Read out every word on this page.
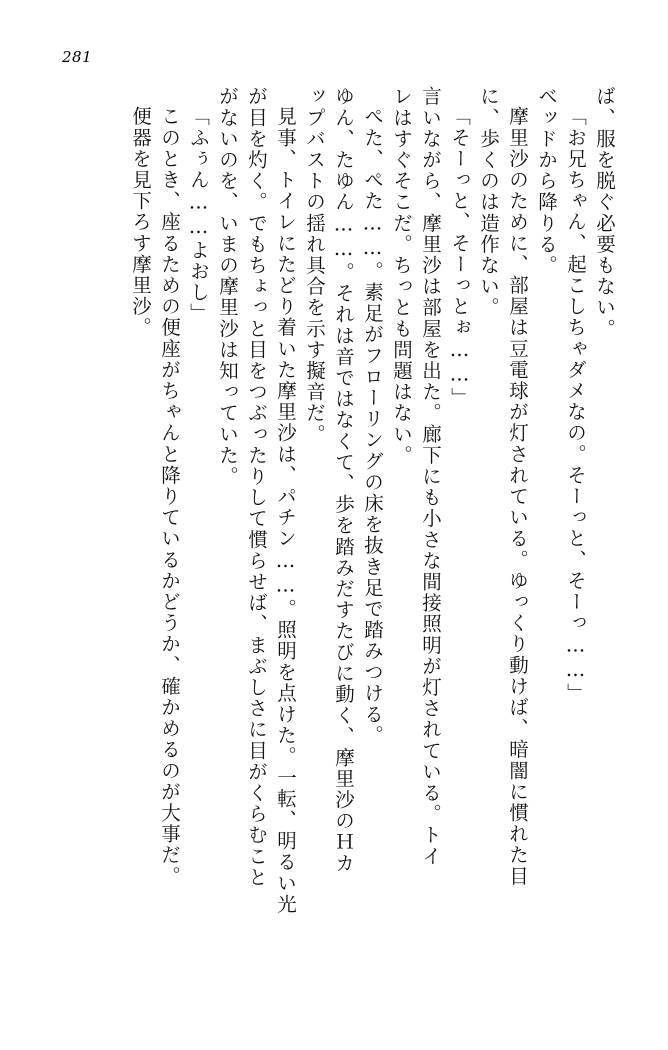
281
ば、服を脱ぐ必要もない。
「お兄ちゃん、起こしちゃダメなの。そーっと、そーっ……」
ベッドから降りる。
摩里沙のために、部屋は豆電球が灯されている。ゆっくり動けば、暗闇に慣れた目
に、歩くのは造作ない。
「そーっと、そーっとぉ……」
言いながら、摩里沙は部屋を出た。廊下にも小さな間接照明が灯されている。トイ
レはすぐそこだ。ちっとも問題はない。
ぺた、ぺた……。素足がフローリングの床を抜き足で踏みつける。
ゆん、たゆん……。それは音ではなくて、歩を踏みだすたびに動く、摩里沙のＨカ
ップバストの揺れ具合を示す擬音だ。
見事、トイレにたどり着いた摩里沙は、パチン……。照明を点けた。一転、明るい光
が目を灼く。でもちょっと目をつぶったりして慣らせば、まぶしさに目がくらむこと
がないのを、いまの摩里沙は知っていた。
「ふぅん……よおし」
このとき、座るための便座がちゃんと降りているかどうか、確かめるのが大事だ。
便器を見下ろす摩里沙。
